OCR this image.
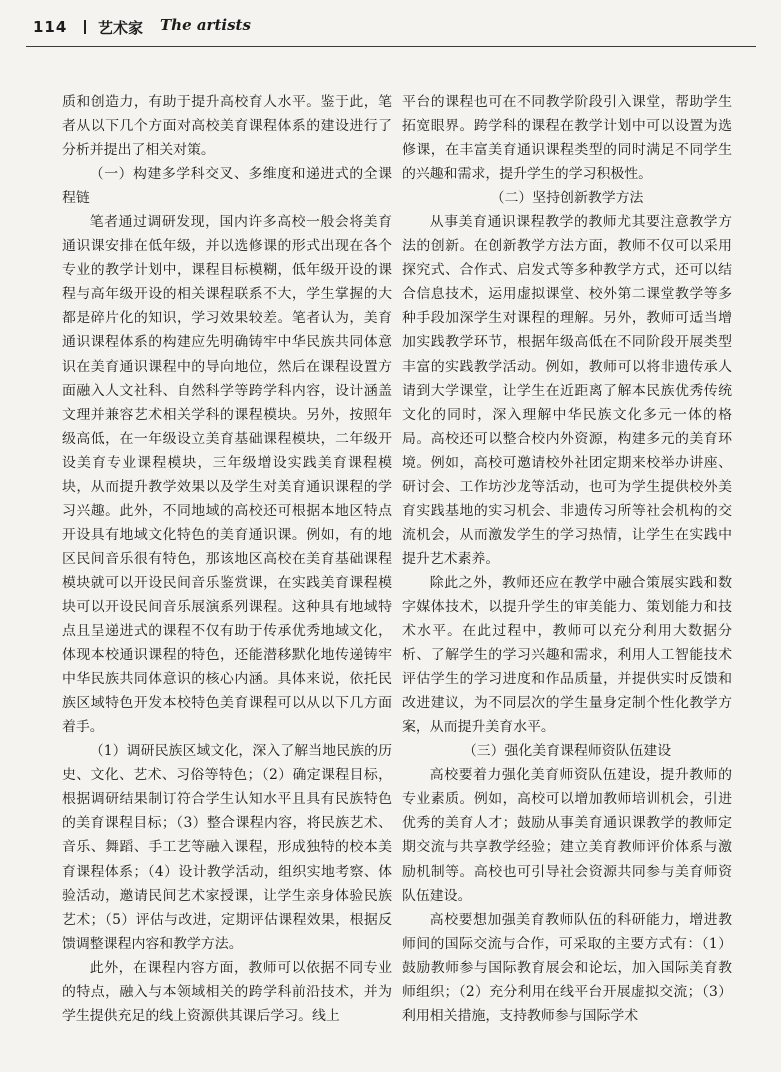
114 艺术家 The artists

质和创造力，有助于提升高校育人水平。鉴于此，笔者从以下几个方面对高校美育课程体系的建设进行了分析并提出了相关对策。

（一）构建多学科交叉、多维度和递进式的全课程链

笔者通过调研发现，国内许多高校一般会将美育通识课安排在低年级，并以选修课的形式出现在各个专业的教学计划中，课程目标模糊，低年级开设的课程与高年级开设的相关课程联系不大，学生掌握的大都是碎片化的知识，学习效果较差。笔者认为，美育通识课程体系的构建应先明确铸牢中华民族共同体意识在美育通识课程中的导向地位，然后在课程设置方面融入人文社科、自然科学等跨学科内容，设计涵盖文理并兼容艺术相关学科的课程模块。另外，按照年级高低，在一年级设立美育基础课程模块，二年级开设美育专业课程模块，三年级增设实践美育课程模块，从而提升教学效果以及学生对美育通识课程的学习兴趣。此外，不同地域的高校还可根据本地区特点开设具有地域文化特色的美育通识课。例如，有的地区民间音乐很有特色，那该地区高校在美育基础课程模块就可以开设民间音乐鉴赏课，在实践美育课程模块可以开设民间音乐展演系列课程。这种具有地域特点且呈递进式的课程不仅有助于传承优秀地域文化，体现本校通识课程的特色，还能潜移默化地传递铸牢中华民族共同体意识的核心内涵。具体来说，依托民族区域特色开发本校特色美育课程可以从以下几方面着手。

（1）调研民族区域文化，深入了解当地民族的历史、文化、艺术、习俗等特色；（2）确定课程目标，根据调研结果制订符合学生认知水平且具有民族特色的美育课程目标；（3）整合课程内容，将民族艺术、音乐、舞蹈、手工艺等融入课程，形成独特的校本美育课程体系；（4）设计教学活动，组织实地考察、体验活动，邀请民间艺术家授课，让学生亲身体验民族艺术；（5）评估与改进，定期评估课程效果，根据反馈调整课程内容和教学方法。

此外，在课程内容方面，教师可以依据不同专业的特点，融入与本领域相关的跨学科前沿技术，并为学生提供充足的线上资源供其课后学习。线上

平台的课程也可在不同教学阶段引入课堂，帮助学生拓宽眼界。跨学科的课程在教学计划中可以设置为选修课，在丰富美育通识课程类型的同时满足不同学生的兴趣和需求，提升学生的学习积极性。

（二）坚持创新教学方法

从事美育通识课程教学的教师尤其要注意教学方法的创新。在创新教学方法方面，教师不仅可以采用探究式、合作式、启发式等多种教学方式，还可以结合信息技术，运用虚拟课堂、校外第二课堂教学等多种手段加深学生对课程的理解。另外，教师可适当增加实践教学环节，根据年级高低在不同阶段开展类型丰富的实践教学活动。例如，教师可以将非遗传承人请到大学课堂，让学生在近距离了解本民族优秀传统文化的同时，深入理解中华民族文化多元一体的格局。高校还可以整合校内外资源，构建多元的美育环境。例如，高校可邀请校外社团定期来校举办讲座、研讨会、工作坊沙龙等活动，也可为学生提供校外美育实践基地的实习机会、非遗传习所等社会机构的交流机会，从而激发学生的学习热情，让学生在实践中提升艺术素养。

除此之外，教师还应在教学中融合策展实践和数字媒体技术，以提升学生的审美能力、策划能力和技术水平。在此过程中，教师可以充分利用大数据分析、了解学生的学习兴趣和需求，利用人工智能技术评估学生的学习进度和作品质量，并提供实时反馈和改进建议，为不同层次的学生量身定制个性化教学方案，从而提升美育水平。

（三）强化美育课程师资队伍建设

高校要着力强化美育师资队伍建设，提升教师的专业素质。例如，高校可以增加教师培训机会，引进优秀的美育人才；鼓励从事美育通识课教学的教师定期交流与共享教学经验；建立美育教师评价体系与激励机制等。高校也可引导社会资源共同参与美育师资队伍建设。

高校要想加强美育教师队伍的科研能力，增进教师间的国际交流与合作，可采取的主要方式有：（1）鼓励教师参与国际教育展会和论坛，加入国际美育教师组织；（2）充分利用在线平台开展虚拟交流；（3）利用相关措施，支持教师参与国际学术
